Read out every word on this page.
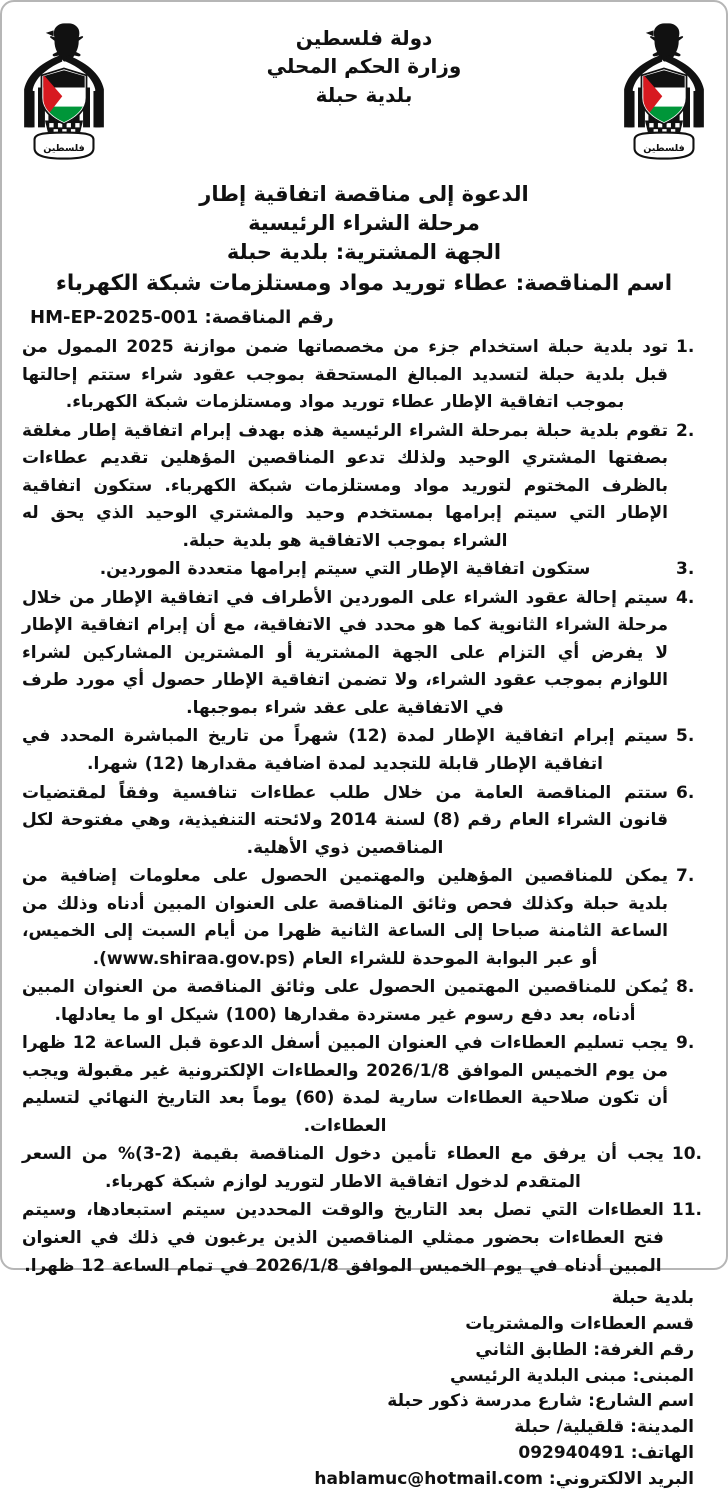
فلسطين
دولة فلسطين
وزارة الحكم المحلي
بلدية حبلة
فلسطين
الدعوة إلى مناقصة اتفاقية إطار
مرحلة الشراء الرئيسية
الجهة المشترية: بلدية حبلة
اسم المناقصة: عطاء توريد مواد ومستلزمات شبكة الكهرباء
رقم المناقصة: HM-EP-2025-001
1.
تود بلدية حبلة استخدام جزء من مخصصاتها ضمن موازنة 2025 الممول من قبل بلدية حبلة لتسديد المبالغ المستحقة بموجب عقود شراء ستتم إحالتها بموجب اتفاقية الإطار عطاء توريد مواد ومستلزمات شبكة الكهرباء.
2.
تقوم بلدية حبلة بمرحلة الشراء الرئيسية هذه بهدف إبرام اتفاقية إطار مغلقة بصفتها المشتري الوحيد ولذلك تدعو المناقصين المؤهلين تقديم عطاءات بالظرف المختوم لتوريد مواد ومستلزمات شبكة الكهرباء. ستكون اتفاقية الإطار التي سيتم إبرامها بمستخدم وحيد والمشتري الوحيد الذي يحق له الشراء بموجب الاتفاقية هو بلدية حبلة.
3.
ستكون اتفاقية الإطار التي سيتم إبرامها متعددة الموردين.
4.
سيتم إحالة عقود الشراء على الموردين الأطراف في اتفاقية الإطار من خلال مرحلة الشراء الثانوية كما هو محدد في الاتفاقية، مع أن إبرام اتفاقية الإطار لا يفرض أي التزام على الجهة المشترية أو المشترين المشاركين لشراء اللوازم بموجب عقود الشراء، ولا تضمن اتفاقية الإطار حصول أي مورد طرف في الاتفاقية على عقد شراء بموجبها.
5.
سيتم إبرام اتفاقية الإطار لمدة (12) شهراً من تاريخ المباشرة المحدد في اتفاقية الإطار قابلة للتجديد لمدة اضافية مقدارها (12) شهرا.
6.
ستتم المناقصة العامة من خلال طلب عطاءات تنافسية وفقاً لمقتضيات قانون الشراء العام رقم (8) لسنة 2014 ولائحته التنفيذية، وهي مفتوحة لكل المناقصين ذوي الأهلية.
7.
يمكن للمناقصين المؤهلين والمهتمين الحصول على معلومات إضافية من بلدية حبلة وكذلك فحص وثائق المناقصة على العنوان المبين أدناه وذلك من الساعة الثامنة صباحا إلى الساعة الثانية ظهرا من أيام السبت إلى الخميس، أو عبر البوابة الموحدة للشراء العام (www.shiraa.gov.ps).
8.
يُمكن للمناقصين المهتمين الحصول على وثائق المناقصة من العنوان المبين أدناه، بعد دفع رسوم غير مستردة مقدارها (100) شيكل او ما يعادلها.
9.
يجب تسليم العطاءات في العنوان المبين أسفل الدعوة قبل الساعة 12 ظهرا من يوم الخميس الموافق 2026/1/8 والعطاءات الإلكترونية غير مقبولة ويجب أن تكون صلاحية العطاءات سارية لمدة (60) يوماً بعد التاريخ النهائي لتسليم العطاءات.
10.
يجب أن يرفق مع العطاء تأمين دخول المناقصة بقيمة (2-3)% من السعر المتقدم لدخول اتفاقية الاطار لتوريد لوازم شبكة كهرباء.
11.
العطاءات التي تصل بعد التاريخ والوقت المحددين سيتم استبعادها، وسيتم فتح العطاءات بحضور ممثلي المناقصين الذين يرغبون في ذلك في العنوان المبين أدناه في يوم الخميس الموافق 2026/1/8 في تمام الساعة 12 ظهرا.
بلدية حبلة
قسم العطاءات والمشتريات
رقم الغرفة: الطابق الثاني
المبنى: مبنى البلدية الرئيسي
اسم الشارع: شارع مدرسة ذكور حبلة
المدينة: قلقيلية/ حبلة
الهاتف: 092940491
البريد الالكتروني: hablamuc@hotmail.com
